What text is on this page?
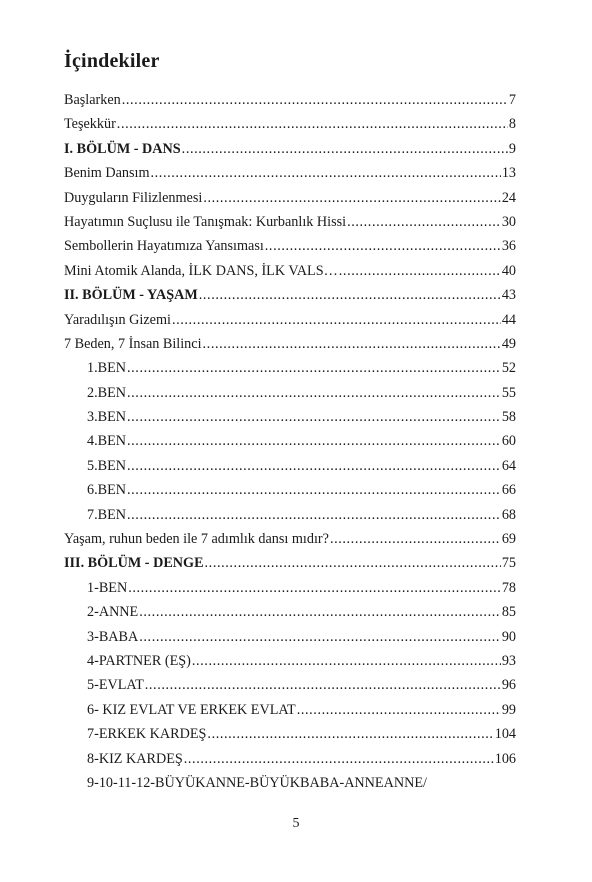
İçindekiler
Başlarken .....	7
Teşekkür .....	8
I. BÖLÜM - DANS .....	9
Benim Dansım .....	13
Duyguların Filizlenmesi .....	24
Hayatımın Suçlusu ile Tanışmak: Kurbanlık Hissi .....	30
Sembollerin Hayatımıza Yansıması .....	36
Mini Atomik Alanda, İLK DANS, İLK VALS… .....	40
II. BÖLÜM - YAŞAM .....	43
Yaradılışın Gizemi .....	44
7 Beden, 7 İnsan Bilinci .....	49
1.BEN .....	52
2.BEN .....	55
3.BEN .....	58
4.BEN .....	60
5.BEN .....	64
6.BEN .....	66
7.BEN .....	68
Yaşam, ruhun beden ile 7 adımlık dansı mıdır? .....	69
III. BÖLÜM - DENGE .....	75
1-BEN .....	78
2-ANNE .....	85
3-BABA .....	90
4-PARTNER (EŞ) .....	93
5-EVLAT .....	96
6- KIZ EVLAT VE ERKEK EVLAT .....	99
7-ERKEK KARDEŞ .....	104
8-KIZ KARDEŞ .....	106
9-10-11-12-BÜYÜKANNE-BÜYÜKBABA-ANNEANNE/
5
